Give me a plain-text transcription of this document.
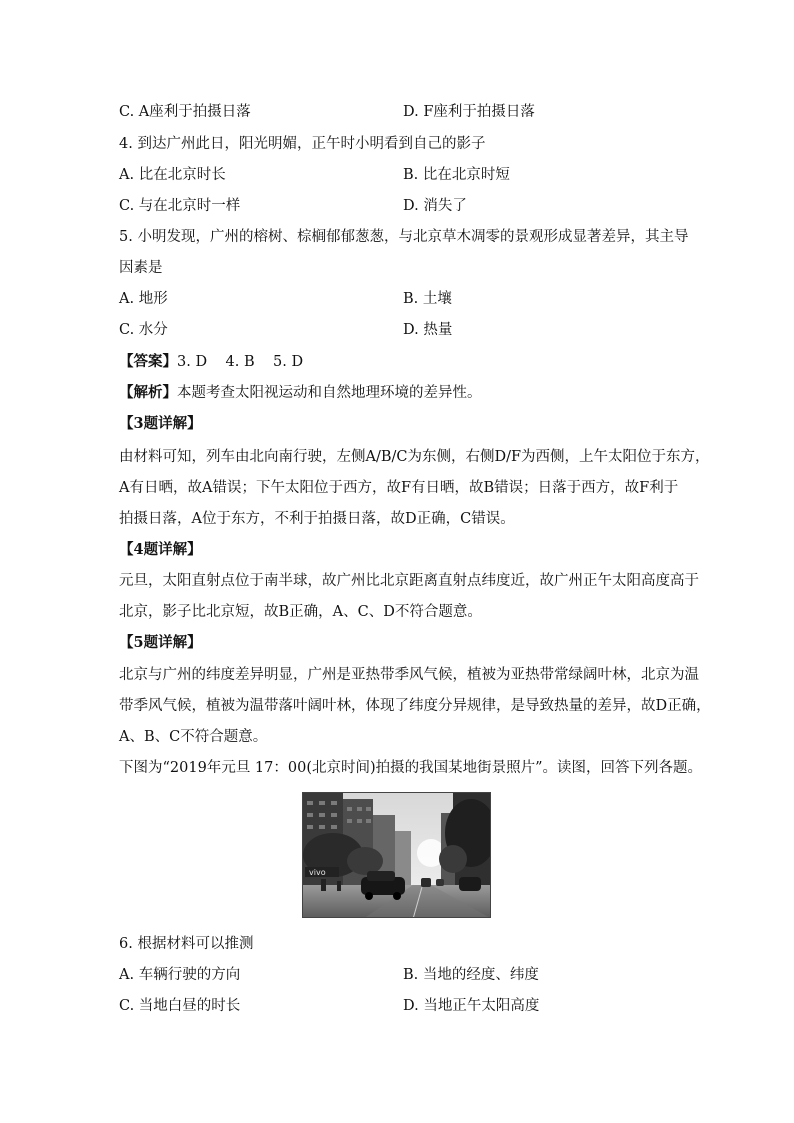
C. A座利于拍摄日落	D. F座利于拍摄日落
4. 到达广州此日，阳光明媚，正午时小明看到自己的影子
A. 比在北京时长	B. 比在北京时短
C. 与在北京时一样	D. 消失了
5. 小明发现，广州的榕树、棕榈郁郁葱葱，与北京草木凋零的景观形成显著差异，其主导
因素是
A. 地形	B. 土壤
C. 水分	D. 热量
【答案】3. D    4. B    5. D
【解析】本题考查太阳视运动和自然地理环境的差异性。
【3题详解】
由材料可知，列车由北向南行驶，左侧A/B/C为东侧，右侧D/F为西侧，上午太阳位于东方，
A有日晒，故A错误；下午太阳位于西方，故F有日晒，故B错误；日落于西方，故F利于
拍摄日落，A位于东方，不利于拍摄日落，故D正确，C错误。
【4题详解】
元旦，太阳直射点位于南半球，故广州比北京距离直射点纬度近，故广州正午太阳高度高于
北京，影子比北京短，故B正确，A、C、D不符合题意。
【5题详解】
北京与广州的纬度差异明显，广州是亚热带季风气候，植被为亚热带常绿阔叶林，北京为温
带季风气候，植被为温带落叶阔叶林，体现了纬度分异规律，是导致热量的差异，故D正确，
A、B、C不符合题意。
下图为“2019年元旦 17：00(北京时间)拍摄的我国某地街景照片”。读图，回答下列各题。
vivo
6. 根据材料可以推测
A. 车辆行驶的方向	B. 当地的经度、纬度
C. 当地白昼的时长	D. 当地正午太阳高度
